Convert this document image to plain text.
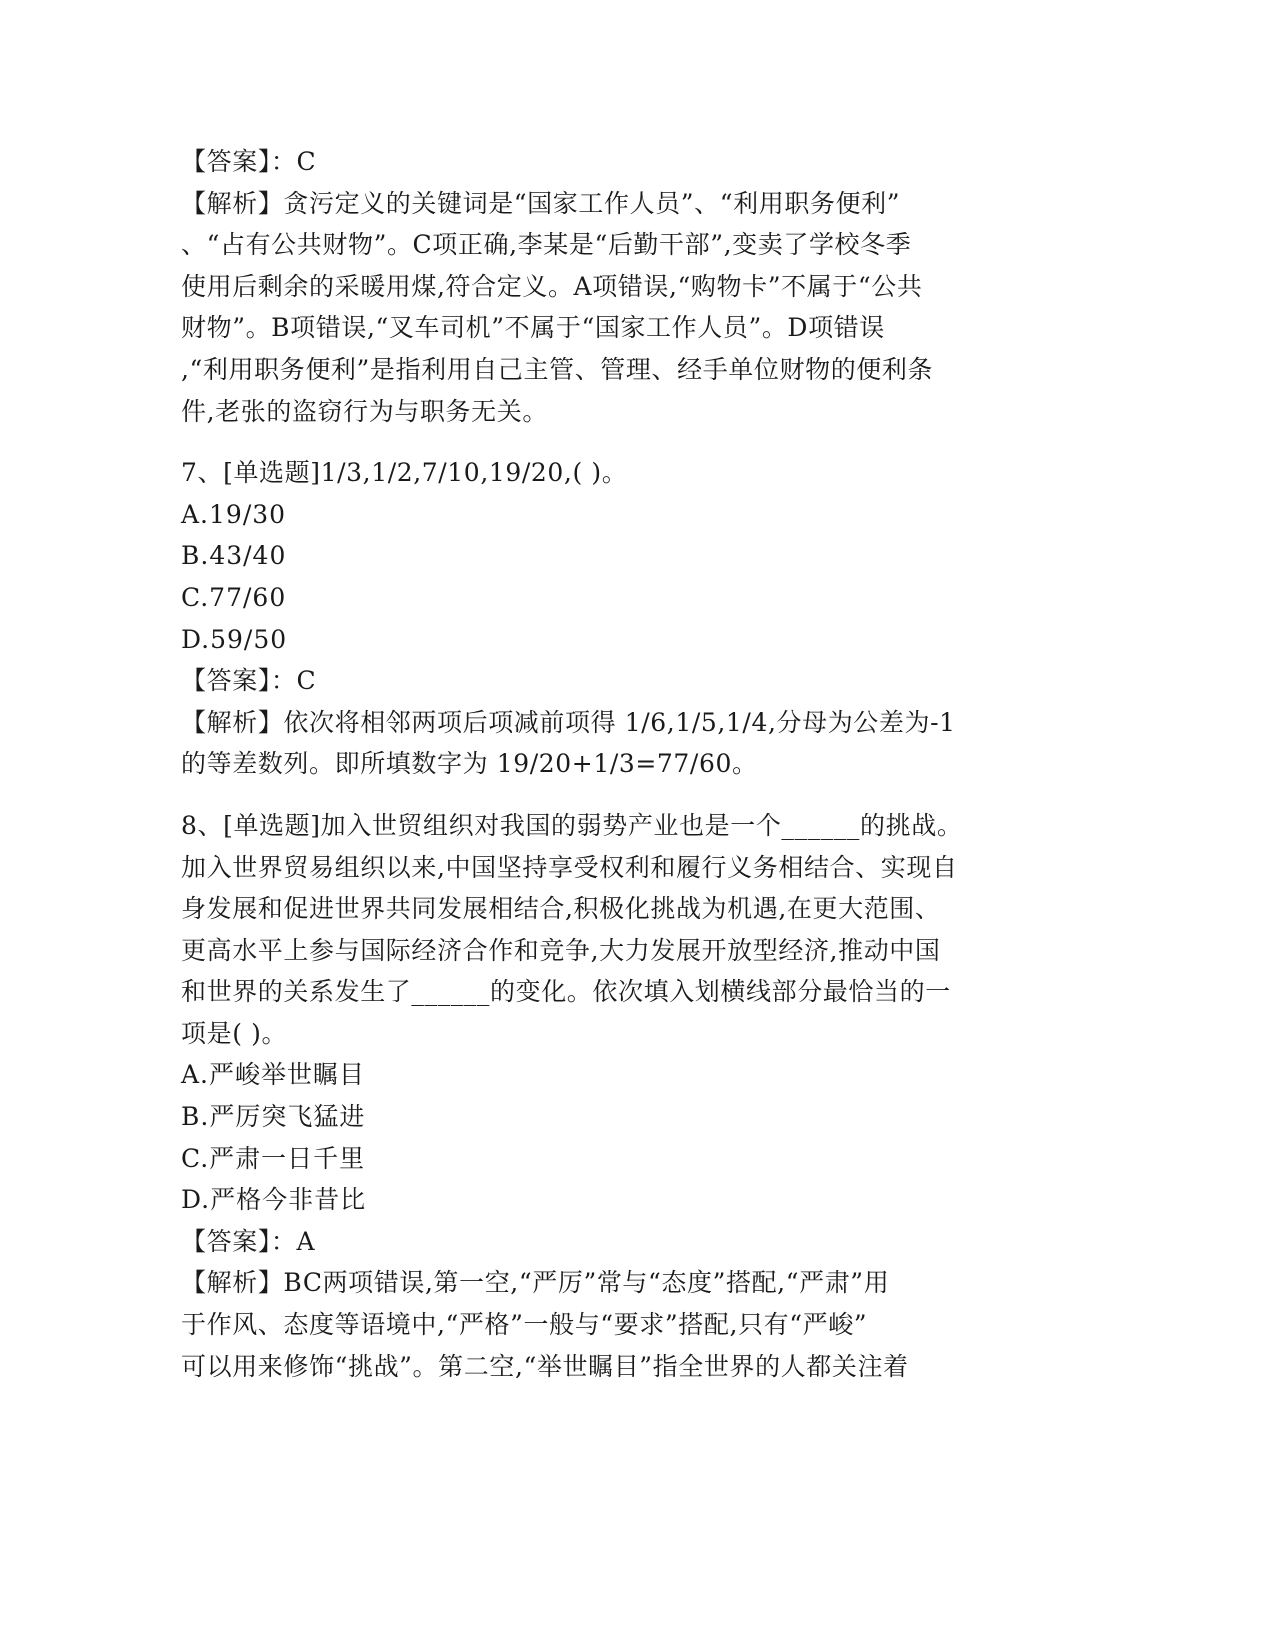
【答案】：C
【解析】贪污定义的关键词是“国家工作人员”、“利用职务便利”
、“占有公共财物”。C项正确,李某是“后勤干部”,变卖了学校冬季
使用后剩余的采暖用煤,符合定义。A项错误,“购物卡”不属于“公共
财物”。B项错误,“叉车司机”不属于“国家工作人员”。D项错误
,“利用职务便利”是指利用自己主管、管理、经手单位财物的便利条
件,老张的盗窃行为与职务无关。
7、[单选题]1/3,1/2,7/10,19/20,( )。
A.19/30
B.43/40
C.77/60
D.59/50
【答案】：C
【解析】依次将相邻两项后项减前项得 1/6,1/5,1/4,分母为公差为-1
的等差数列。即所填数字为 19/20+1/3=77/60。
8、[单选题]加入世贸组织对我国的弱势产业也是一个______的挑战。
加入世界贸易组织以来,中国坚持享受权利和履行义务相结合、实现自
身发展和促进世界共同发展相结合,积极化挑战为机遇,在更大范围、
更高水平上参与国际经济合作和竞争,大力发展开放型经济,推动中国
和世界的关系发生了______的变化。依次填入划横线部分最恰当的一
项是( )。
A.严峻举世瞩目
B.严厉突飞猛进
C.严肃一日千里
D.严格今非昔比
【答案】：A
【解析】BC两项错误,第一空,“严厉”常与“态度”搭配,“严肃”用
于作风、态度等语境中,“严格”一般与“要求”搭配,只有“严峻”
可以用来修饰“挑战”。第二空,“举世瞩目”指全世界的人都关注着
